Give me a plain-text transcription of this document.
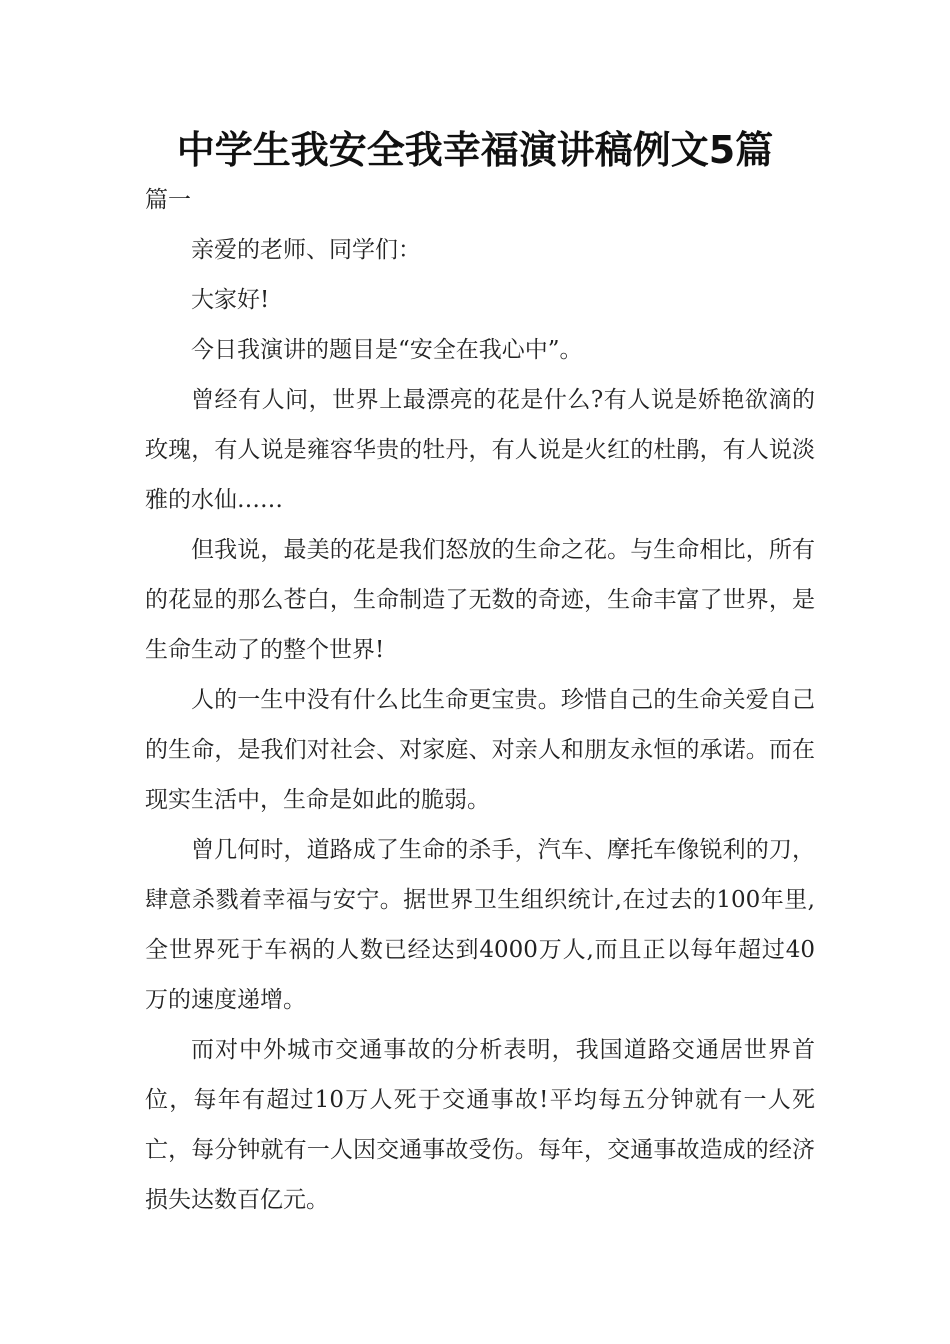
中学生我安全我幸福演讲稿例文5篇
篇一

亲爱的老师、同学们：

大家好!

今日我演讲的题目是“安全在我心中”。

曾经有人问，世界上最漂亮的花是什么?有人说是娇艳欲滴的玫瑰，有人说是雍容华贵的牡丹，有人说是火红的杜鹃，有人说淡雅的水仙……

但我说，最美的花是我们怒放的生命之花。与生命相比，所有的花显的那么苍白，生命制造了无数的奇迹，生命丰富了世界，是生命生动了的整个世界!

人的一生中没有什么比生命更宝贵。珍惜自己的生命关爱自己的生命，是我们对社会、对家庭、对亲人和朋友永恒的承诺。而在现实生活中，生命是如此的脆弱。

曾几何时，道路成了生命的杀手，汽车、摩托车像锐利的刀，肆意杀戮着幸福与安宁。据世界卫生组织统计,在过去的100年里,全世界死于车祸的人数已经达到4000万人,而且正以每年超过40万的速度递增。

而对中外城市交通事故的分析表明，我国道路交通居世界首位，每年有超过10万人死于交通事故!平均每五分钟就有一人死亡，每分钟就有一人因交通事故受伤。每年，交通事故造成的经济损失达数百亿元。
